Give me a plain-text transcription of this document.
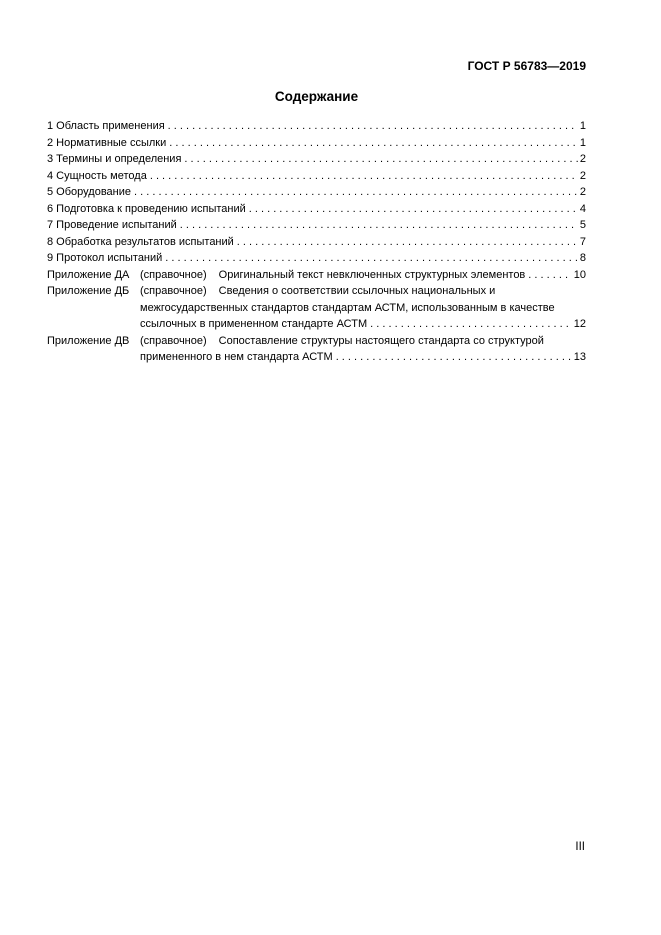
ГОСТ Р 56783—2019
Содержание
1 Область применения . . .	1
2 Нормативные ссылки . . .	1
3 Термины и определения . . .	2
4 Сущность метода . . .	2
5 Оборудование . . .	2
6 Подготовка к проведению испытаний . . .	4
7 Проведение испытаний . . .	5
8 Обработка результатов испытаний . . .	7
9 Протокол испытаний . . .	8
Приложение ДА (справочное) Оригинальный текст невключенных структурных элементов . . .	10
Приложение ДБ (справочное) Сведения о соответствии ссылочных национальных и
межгосударственных стандартов стандартам АСТМ, использованным в качестве
ссылочных в примененном стандарте АСТМ . . .	12
Приложение ДВ (справочное) Сопоставление структуры настоящего стандарта со структурой
примененного в нем стандарта АСТМ . . .	13
III
